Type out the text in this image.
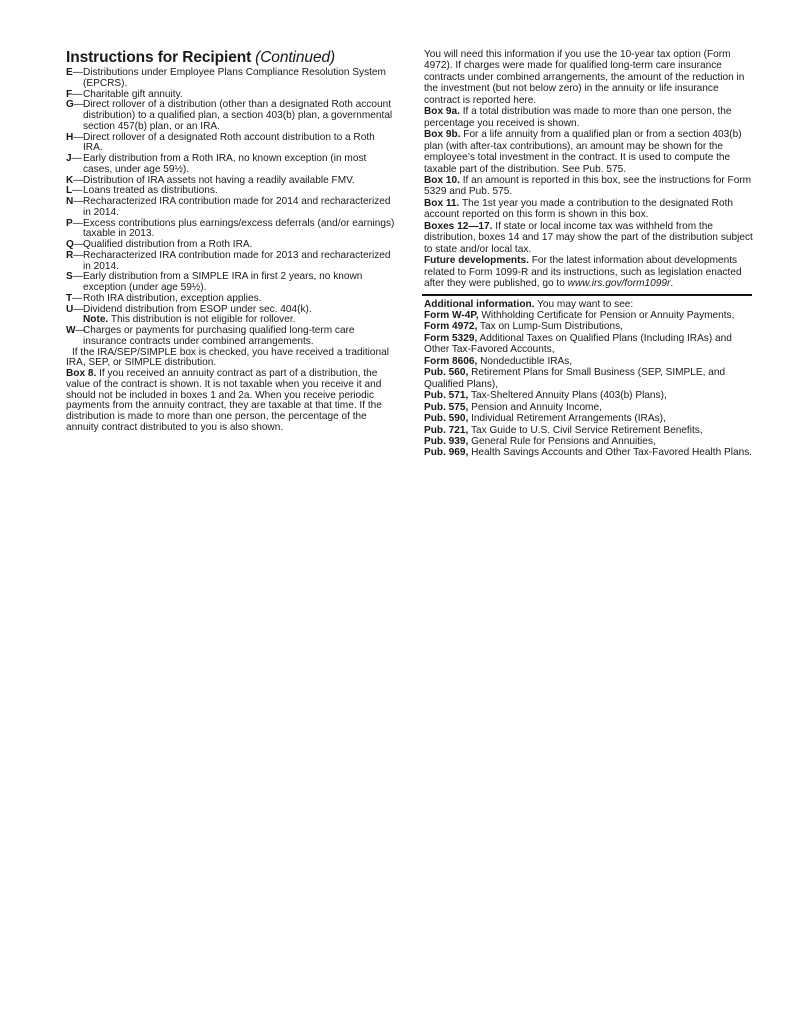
Instructions for Recipient (Continued)
E —	Distributions under Employee Plans Compliance Resolution System (EPCRS).
F —	Charitable gift annuity.
G — Direct rollover of a distribution (other than a designated Roth account distribution) to a qualified plan, a section 403(b) plan, a governmental section 457(b) plan, or an IRA.
H — Direct rollover of a designated Roth account distribution to a Roth IRA.
J —	Early distribution from a Roth IRA, no known exception (in most cases, under age 59½).
K — Distribution of IRA assets not having a readily available FMV.
L —	Loans treated as distributions.
N — Recharacterized IRA contribution made for 2014 and recharacterized in 2014.
P —	Excess contributions plus earnings/excess deferrals (and/or earnings) taxable in 2013.
Q — Qualified distribution from a Roth IRA.
R — Recharacterized IRA contribution made for 2013 and recharacterized in 2014.
S —	Early distribution from a SIMPLE IRA in first 2 years, no known exception (under age 59½).
T —	Roth IRA distribution, exception applies.
U — Dividend distribution from ESOP under sec. 404(k).
Note. This distribution is not eligible for rollover.
W — Charges or payments for purchasing qualified long-term care insurance contracts under combined arrangements.
If the IRA/SEP/SIMPLE box is checked, you have received a traditional IRA, SEP, or SIMPLE distribution.
Box 8. If you received an annuity contract as part of a distribution, the value of the contract is shown. It is not taxable when you receive it and should not be included in boxes 1 and 2a. When you receive periodic payments from the annuity contract, they are taxable at that time. If the distribution is made to more than one person, the percentage of the annuity contract distributed to you is also shown.
You will need this information if you use the 10-year tax option (Form 4972). If charges were made for qualified long-term care insurance contracts under combined arrangements, the amount of the reduction in the investment (but not below zero) in the annuity or life insurance contract is reported here.
Box 9a. If a total distribution was made to more than one person, the percentage you received is shown.
Box 9b. For a life annuity from a qualified plan or from a section 403(b) plan (with after-tax contributions), an amount may be shown for the employee’s total investment in the contract. It is used to compute the taxable part of the distribution. See Pub. 575.
Box 10. If an amount is reported in this box, see the instructions for Form 5329 and Pub. 575.
Box 11. The 1st year you made a contribution to the designated Roth account reported on this form is shown in this box.
Boxes 12—17. If state or local income tax was withheld from the distribution, boxes 14 and 17 may show the part of the distribution subject to state and/or local tax.
Future developments. For the latest information about developments related to Form 1099-R and its instructions, such as legislation enacted after they were published, go to www.irs.gov/form1099r.
Additional information. You may want to see:
Form W-4P, Withholding Certificate for Pension or Annuity Payments,
Form 4972, Tax on Lump-Sum Distributions,
Form 5329, Additional Taxes on Qualified Plans (Including IRAs) and Other Tax-Favored Accounts,
Form 8606, Nondeductible IRAs,
Pub. 560, Retirement Plans for Small Business (SEP, SIMPLE, and Qualified Plans),
Pub. 571, Tax-Sheltered Annuity Plans (403(b) Plans),
Pub. 575, Pension and Annuity Income,
Pub. 590, Individual Retirement Arrangements (IRAs),
Pub. 721, Tax Guide to U.S. Civil Service Retirement Benefits,
Pub. 939, General Rule for Pensions and Annuities,
Pub. 969, Health Savings Accounts and Other Tax-Favored Health Plans.
